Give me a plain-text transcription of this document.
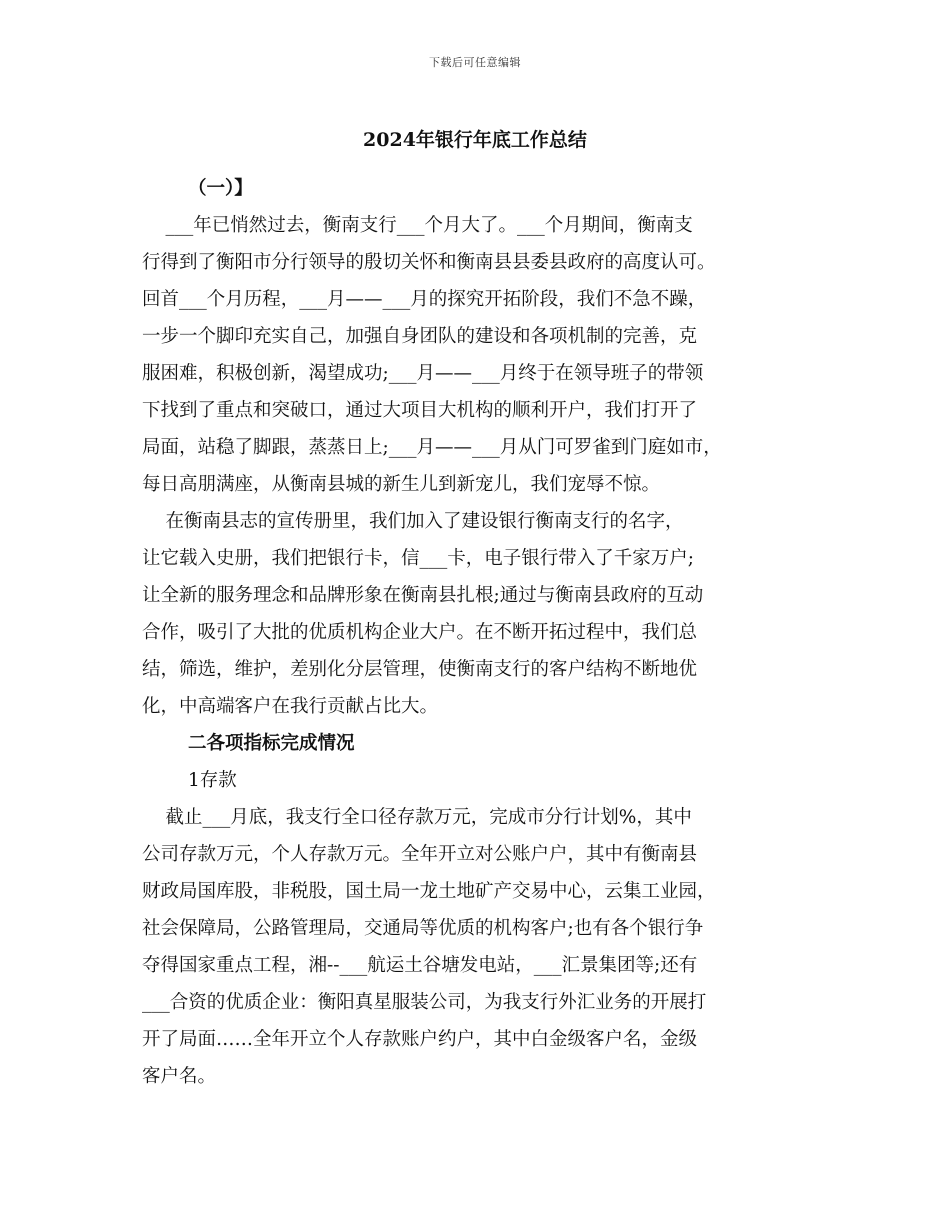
下载后可任意编辑
2024年银行年底工作总结
（一）】
___年已悄然过去，衡南支行___个月大了。___个月期间，衡南支
行得到了衡阳市分行领导的殷切关怀和衡南县县委县政府的高度认可。
回首___个月历程，___月——___月的探究开拓阶段，我们不急不躁，
一步一个脚印充实自己，加强自身团队的建设和各项机制的完善，克
服困难，积极创新，渴望成功;___月——___月终于在领导班子的带领
下找到了重点和突破口，通过大项目大机构的顺利开户，我们打开了
局面，站稳了脚跟，蒸蒸日上;___月——___月从门可罗雀到门庭如市，
每日高朋满座，从衡南县城的新生儿到新宠儿，我们宠辱不惊。
在衡南县志的宣传册里，我们加入了建设银行衡南支行的名字，
让它载入史册，我们把银行卡，信___卡，电子银行带入了千家万户;
让全新的服务理念和品牌形象在衡南县扎根;通过与衡南县政府的互动
合作，吸引了大批的优质机构企业大户。在不断开拓过程中，我们总
结，筛选，维护，差别化分层管理，使衡南支行的客户结构不断地优
化，中高端客户在我行贡献占比大。
二各项指标完成情况
1存款
截止___月底，我支行全口径存款万元，完成市分行计划%，其中
公司存款万元，个人存款万元。全年开立对公账户户，其中有衡南县
财政局国库股，非税股，国土局一龙土地矿产交易中心，云集工业园，
社会保障局，公路管理局，交通局等优质的机构客户;也有各个银行争
夺得国家重点工程，湘--___航运土谷塘发电站，___汇景集团等;还有
___合资的优质企业：衡阳真星服装公司，为我支行外汇业务的开展打
开了局面……全年开立个人存款账户约户，其中白金级客户名，金级
客户名。
